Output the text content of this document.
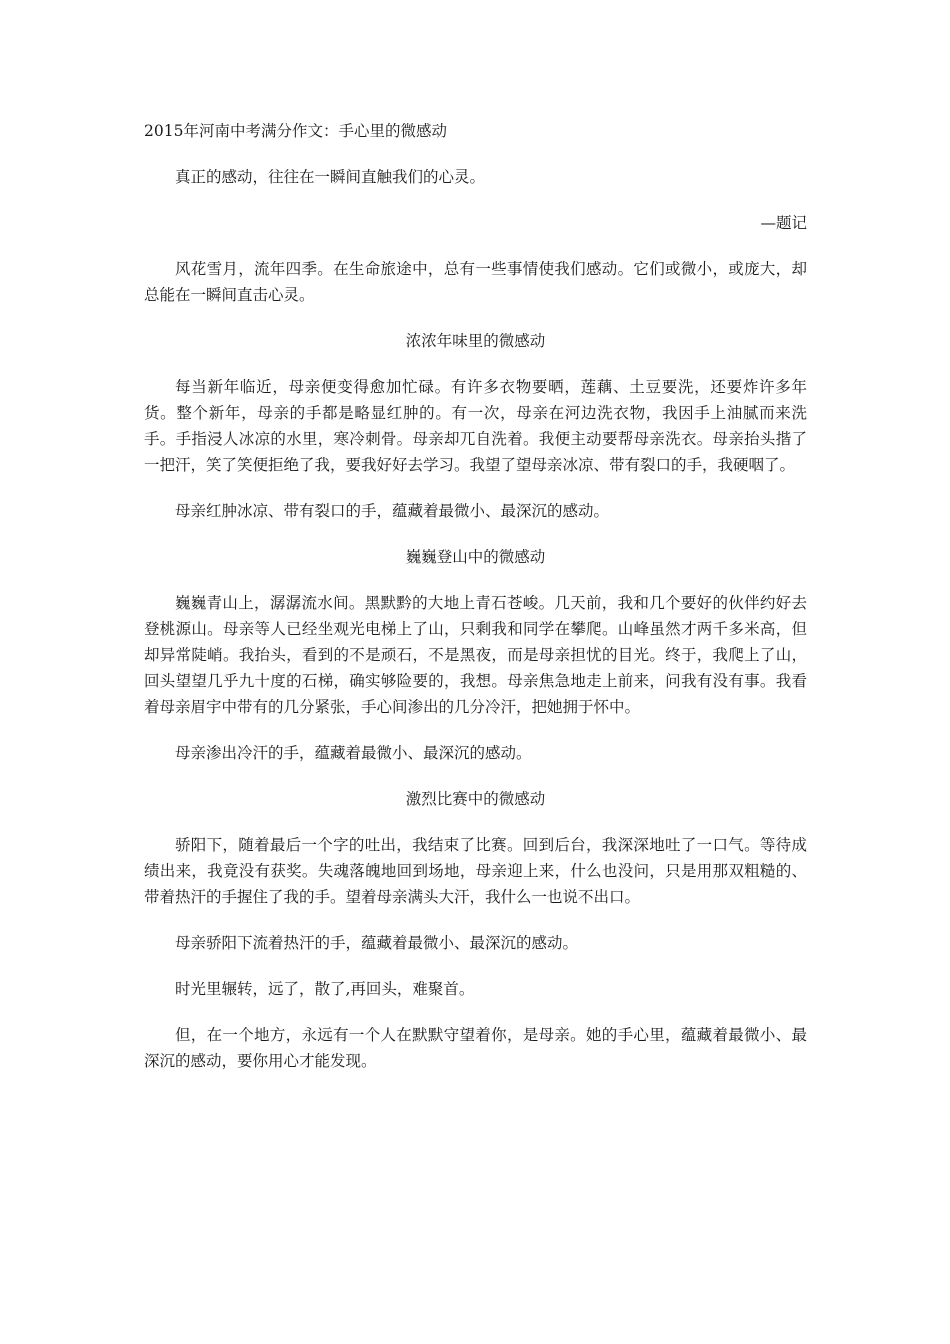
2015年河南中考满分作文：手心里的微感动

真正的感动，往往在一瞬间直触我们的心灵。

—题记

风花雪月，流年四季。在生命旅途中，总有一些事情使我们感动。它们或微小，或庞大，却总能在一瞬间直击心灵。

浓浓年味里的微感动

每当新年临近，母亲便变得愈加忙碌。有许多衣物要晒，莲藕、土豆要洗，还要炸许多年货。整个新年，母亲的手都是略显红肿的。有一次，母亲在河边洗衣物，我因手上油腻而来洗手。手指浸人冰凉的水里，寒冷刺骨。母亲却兀自洗着。我便主动要帮母亲洗衣。母亲抬头揩了一把汗，笑了笑便拒绝了我，要我好好去学习。我望了望母亲冰凉、带有裂口的手，我硬咽了。

母亲红肿冰凉、带有裂口的手，蕴藏着最微小、最深沉的感动。

巍巍登山中的微感动

巍巍青山上，潺潺流水间。黑默黔的大地上青石苍峻。几天前，我和几个要好的伙伴约好去登桃源山。母亲等人已经坐观光电梯上了山，只剩我和同学在攀爬。山峰虽然才两千多米高，但却异常陡峭。我抬头，看到的不是顽石，不是黑夜，而是母亲担忧的目光。终于，我爬上了山，回头望望几乎九十度的石梯，确实够险要的，我想。母亲焦急地走上前来，问我有没有事。我看着母亲眉宇中带有的几分紧张，手心间渗出的几分冷汗，把她拥于怀中。

母亲渗出冷汗的手，蕴藏着最微小、最深沉的感动。

激烈比赛中的微感动

骄阳下，随着最后一个字的吐出，我结束了比赛。回到后台，我深深地吐了一口气。等待成绩出来，我竟没有获奖。失魂落魄地回到场地，母亲迎上来，什么也没问，只是用那双粗糙的、带着热汗的手握住了我的手。望着母亲满头大汗，我什么一也说不出口。

母亲骄阳下流着热汗的手，蕴藏着最微小、最深沉的感动。

时光里辗转，远了，散了,再回头，难聚首。

但，在一个地方，永远有一个人在默默守望着你，是母亲。她的手心里，蕴藏着最微小、最深沉的感动，要你用心才能发现。
